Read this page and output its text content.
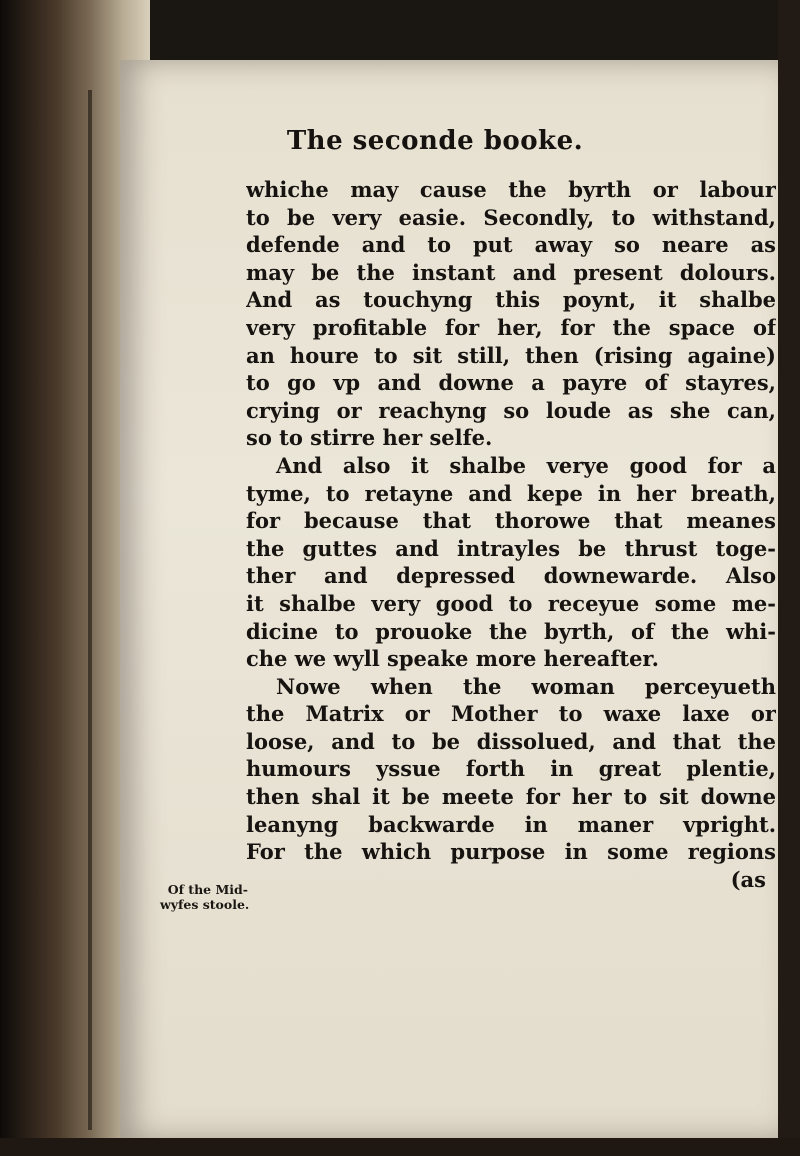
The seconde booke.
whiche may cause the byrth or labour
to be very easie. Secondly, to withstand,
defende and to put away so neare as
may be the instant and present dolours.
And as touchyng this poynt, it shalbe
very profitable for her, for the space of
an houre to sit still, then (rising againe)
to go vp and downe a payre of stayres,
crying or reachyng so loude as she can,
so to stirre her selfe.
And also it shalbe verye good for a
tyme, to retayne and kepe in her breath,
for because that thorowe that meanes
the guttes and intrayles be thrust toge-
ther and depressed downewarde. Also
it shalbe very good to receyue some me-
dicine to prouoke the byrth, of the whi-
che we wyll speake more hereafter.
Nowe when the woman perceyueth
the Matrix or Mother to waxe laxe or
loose, and to be dissolued, and that the
humours yssue forth in great plentie,
then shal it be meete for her to sit downe
leanyng backwarde in maner vpright.
For the which purpose in some regions
(as
Of the Mid-
wyfes stoole.
